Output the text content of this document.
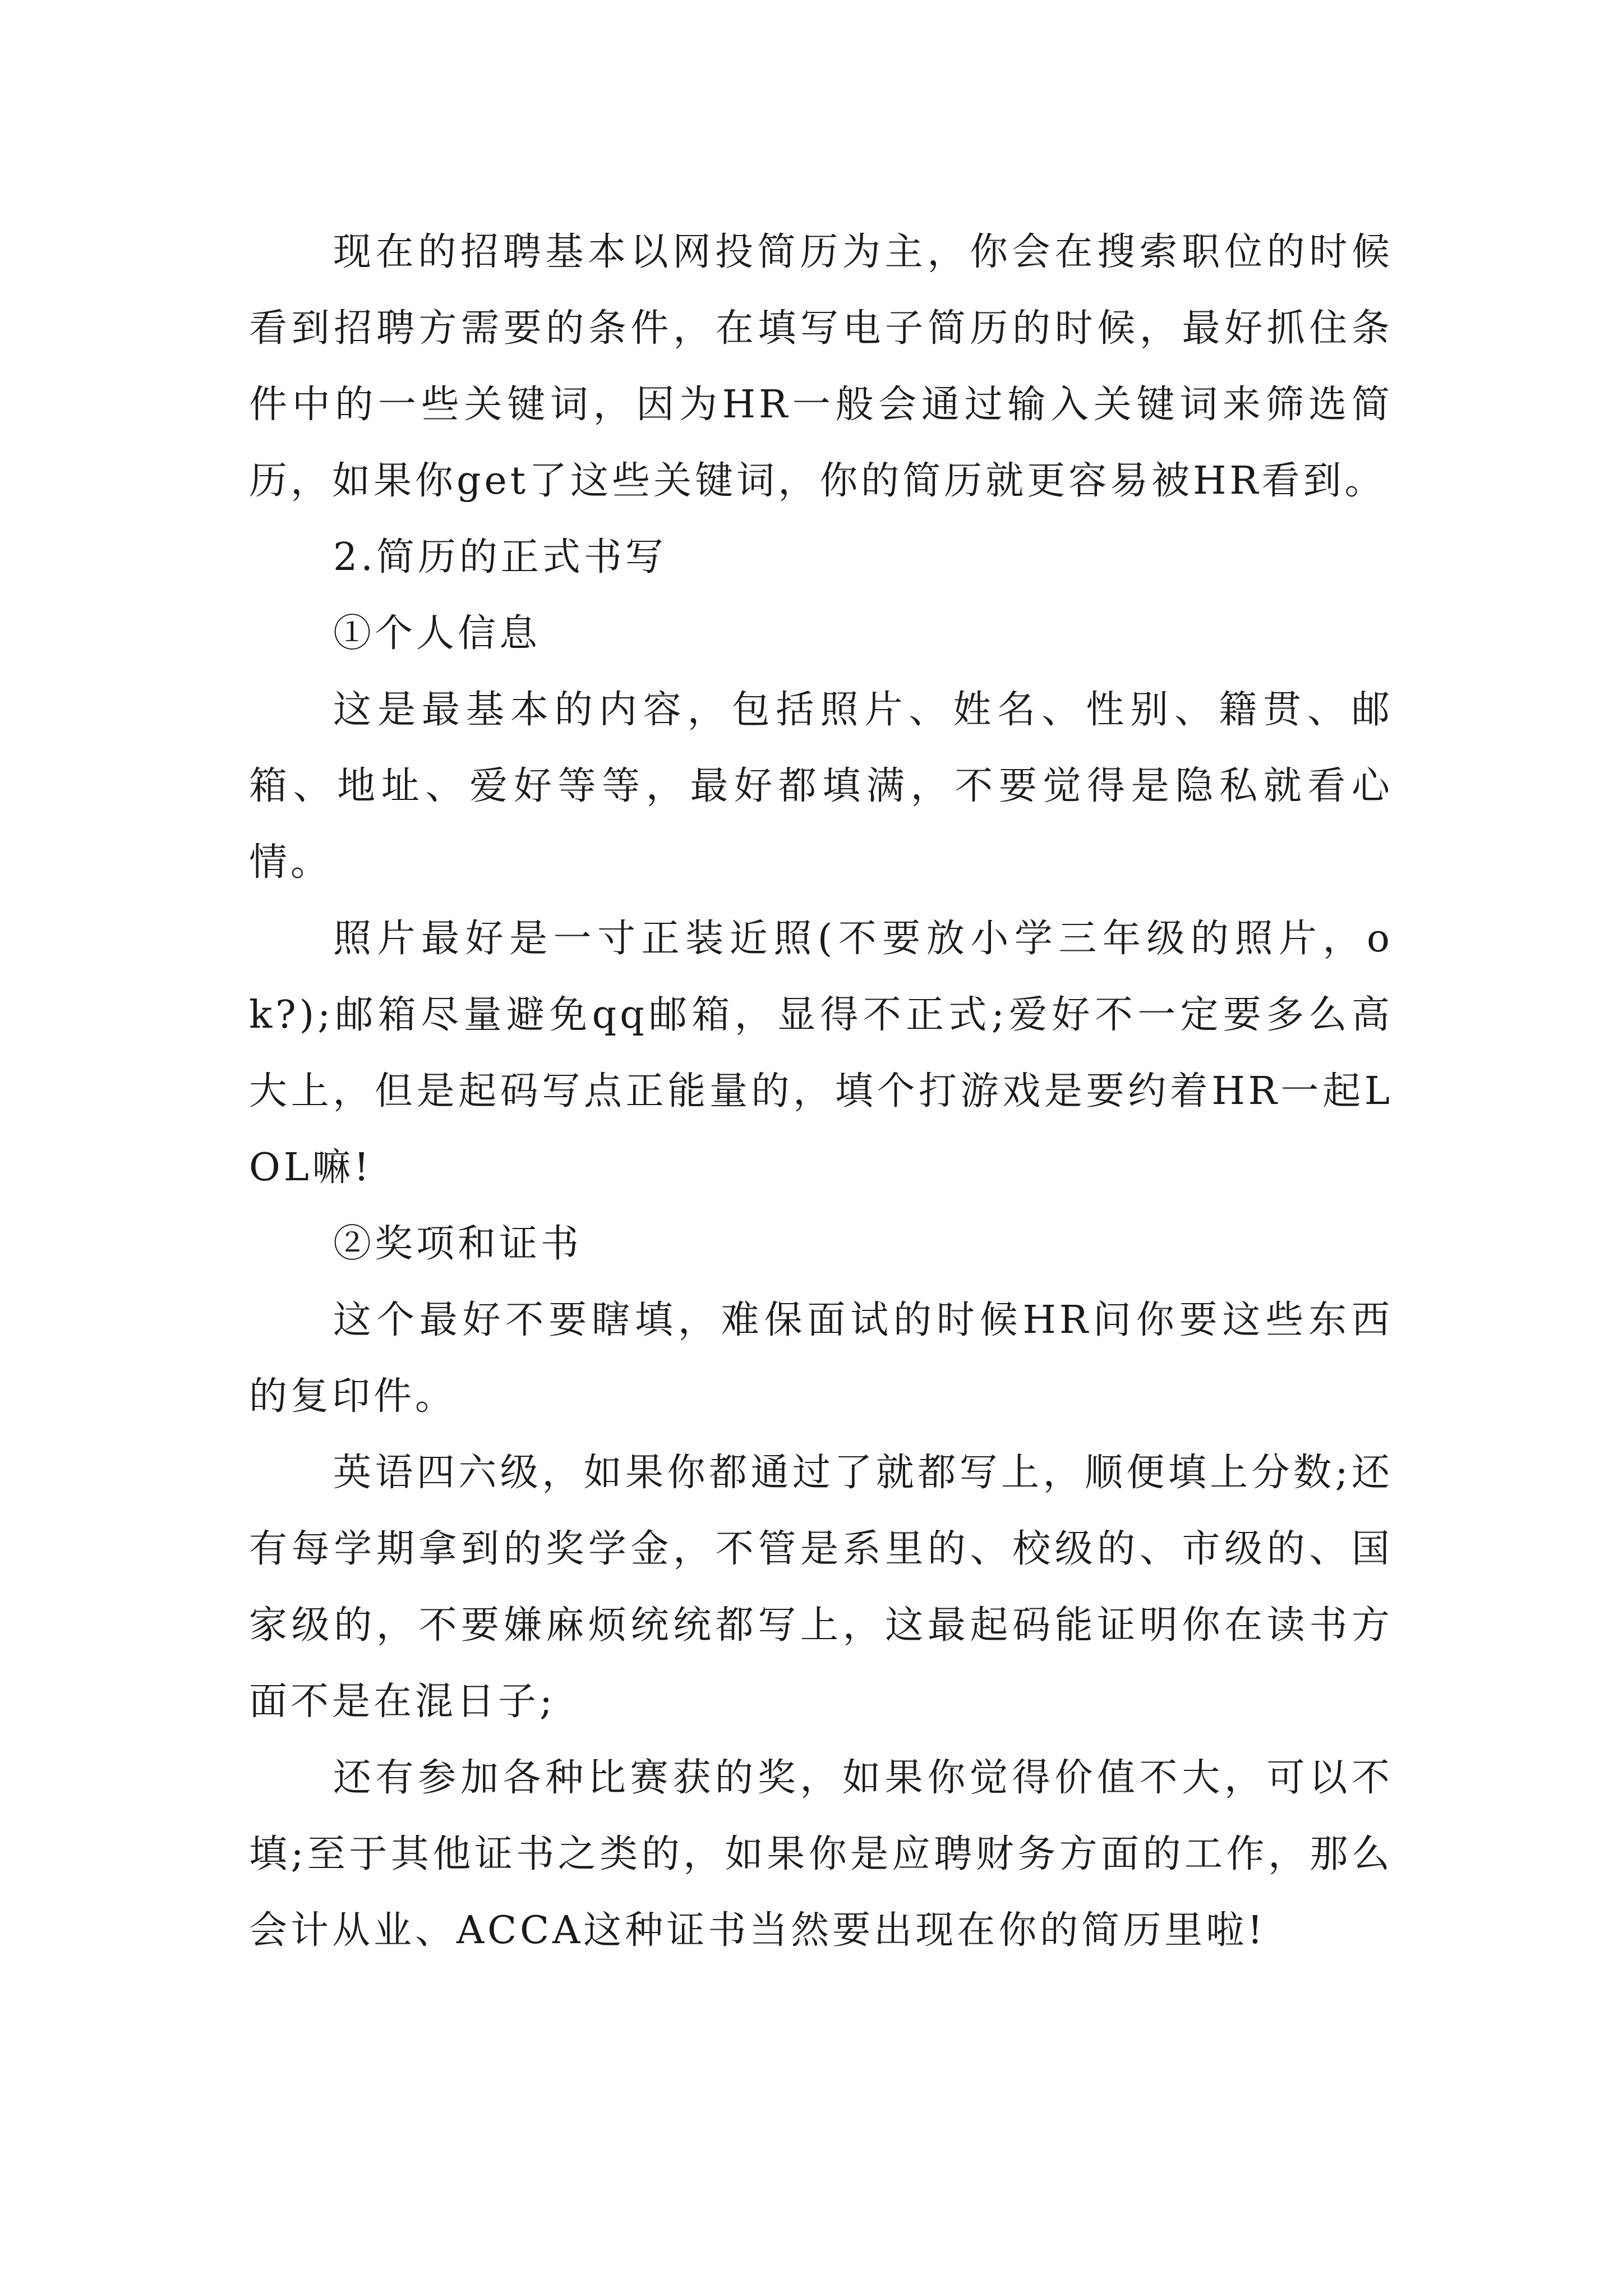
现在的招聘基本以网投简历为主，你会在搜索职位的时候看到招聘方需要的条件，在填写电子简历的时候，最好抓住条件中的一些关键词，因为HR一般会通过输入关键词来筛选简历，如果你get了这些关键词，你的简历就更容易被HR看到。

2.简历的正式书写

①个人信息

这是最基本的内容，包括照片、姓名、性别、籍贯、邮箱、地址、爱好等等，最好都填满，不要觉得是隐私就看心情。

照片最好是一寸正装近照(不要放小学三年级的照片，ok?);邮箱尽量避免qq邮箱，显得不正式;爱好不一定要多么高大上，但是起码写点正能量的，填个打游戏是要约着HR一起LOL嘛!

②奖项和证书

这个最好不要瞎填，难保面试的时候HR问你要这些东西的复印件。

英语四六级，如果你都通过了就都写上，顺便填上分数;还有每学期拿到的奖学金，不管是系里的、校级的、市级的、国家级的，不要嫌麻烦统统都写上，这最起码能证明你在读书方面不是在混日子;

还有参加各种比赛获的奖，如果你觉得价值不大，可以不填;至于其他证书之类的，如果你是应聘财务方面的工作，那么会计从业、ACCA这种证书当然要出现在你的简历里啦!
